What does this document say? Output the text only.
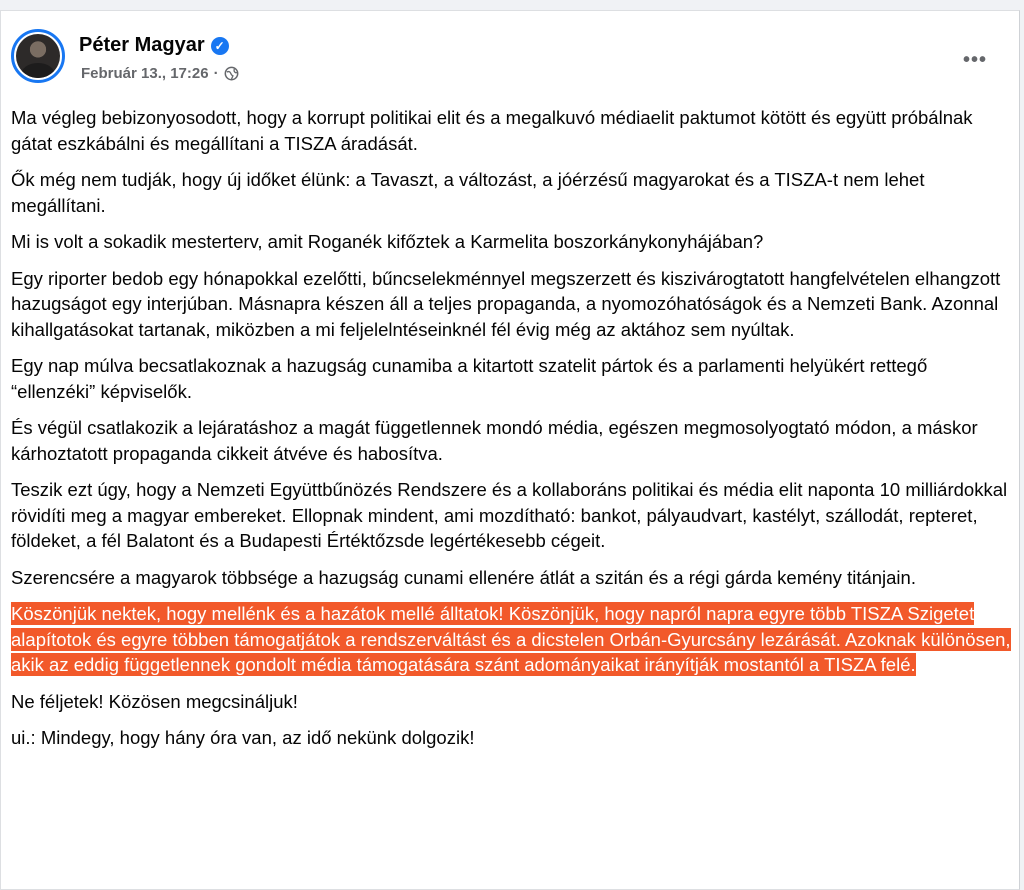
Péter Magyar ✓
Február 13., 17:26 ·
•••

Ma végleg bebizonyosodott, hogy a korrupt politikai elit és a megalkuvó médiaelit paktumot kötött és együtt próbálnak gátat eszkábálni és megállítani a TISZA áradását.

Ők még nem tudják, hogy új időket élünk: a Tavaszt, a változást, a jóérzésű magyarokat és a TISZA-t nem lehet megállítani.

Mi is volt a sokadik mesterterv, amit Roganék kifőztek a Karmelita boszorkánykonyhájában?

Egy riporter bedob egy hónapokkal ezelőtti, bűncselekménnyel megszerzett és kiszivárogtatott hangfelvételen elhangzott hazugságot egy interjúban. Másnapra készen áll a teljes propaganda, a nyomozóhatóságok és a Nemzeti Bank. Azonnal kihallgatásokat tartanak, miközben a mi feljelelntéseinknél fél évig még az aktához sem nyúltak.

Egy nap múlva becsatlakoznak a hazugság cunamiba a kitartott szatelit pártok és a parlamenti helyükért rettegő “ellenzéki” képviselők.

És végül csatlakozik a lejáratáshoz a magát függetlennek mondó média, egészen megmosolyogtató módon, a máskor kárhoztatott propaganda cikkeit átvéve és habosítva.

Teszik ezt úgy, hogy a Nemzeti Együttbűnözés Rendszere és a kollaboráns politikai és média elit naponta 10 milliárdokkal rövidíti meg a magyar embereket. Ellopnak mindent, ami mozdítható: bankot, pályaudvart, kastélyt, szállodát, repteret, földeket, a fél Balatont és a Budapesti Értéktőzsde legértékesebb cégeit.

Szerencsére a magyarok többsége a hazugság cunami ellenére átlát a szitán és a régi gárda kemény titánjain.

Köszönjük nektek, hogy mellénk és a hazátok mellé álltatok! Köszönjük, hogy napról napra egyre több TISZA Szigetet alapítotok és egyre többen támogatjátok a rendszerváltást és a dicstelen Orbán-Gyurcsány lezárását. Azoknak különösen, akik az eddig függetlennek gondolt média támogatására szánt adományaikat irányítják mostantól a TISZA felé.

Ne féljetek! Közösen megcsináljuk!

ui.: Mindegy, hogy hány óra van, az idő nekünk dolgozik!
